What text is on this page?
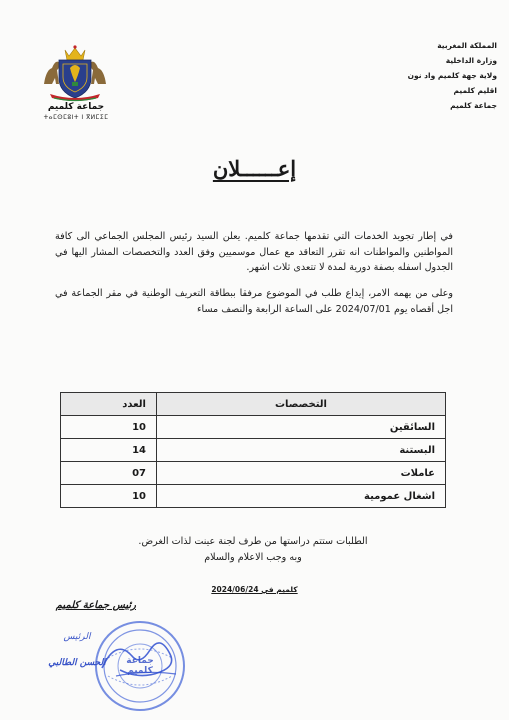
المملكة المغربية
وزارة الداخلية
ولاية جهة كلميم واد نون
اقليم كلميم
جماعة كلميم
جماعة كلميم
ⵜⴰⵎⵙⵎⵓⵏⵜ ⵏ ⴳⵍⵎⵉⵎ
إعــــــلان
في إطار تجويد الخدمات التي تقدمها جماعة كلميم. يعلن السيد رئيس المجلس الجماعي الى كافة المواطنين والمواطنات انه تقرر التعاقد مع عمال موسميين وفق العدد والتخصصات المشار اليها في الجدول اسفله بصفة دورية لمدة لا تتعدى ثلاث اشهر.
وعلى من يهمه الامر، إيداع طلب في الموضوع مرفقا ببطاقة التعريف الوطنية في مقر الجماعة في اجل أقصاه يوم 2024/07/01 على الساعة الرابعة والنصف مساء
التخصصات	العدد
السائقين	10
البستنة	14
عاملات	07
اشغال عمومية	10
الطلبات ستتم دراستها من طرف لجنة عينت لذات الغرض.
وبه وجب الاعلام والسلام
كلميم في 2024/06/24
رئيس جماعة كلميم
جماعة كلميم
الرئيس
الحسن الطالبي
